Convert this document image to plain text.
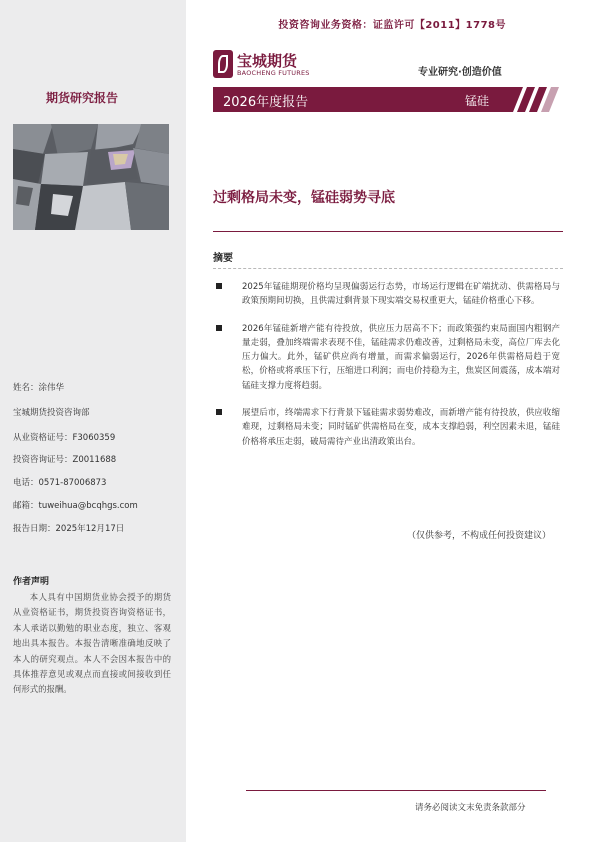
投资咨询业务资格：证监许可【2011】1778号
宝城期货
BAOCHENG FUTURES	专业研究·创造价值
期货研究报告	2026年度报告	锰硅
过剩格局未变，锰硅弱势寻底
摘要
2025年锰硅期现价格均呈现偏弱运行态势，市场运行逻辑在矿端扰动、供需格局与政策预期间切换，且供需过剩背景下现实端交易权重更大，锰硅价格重心下移。
2026年锰硅新增产能有待投放，供应压力居高不下；而政策强约束局面国内粗钢产量走弱，叠加终端需求表现不佳，锰硅需求仍难改善，过剩格局未变，高位厂库去化压力偏大。此外，锰矿供应尚有增量，而需求偏弱运行，2026年供需格局趋于宽松，价格或将承压下行，压缩进口利润；而电价持稳为主，焦炭区间震荡，成本端对锰硅支撑力度将趋弱。
展望后市，终端需求下行背景下锰硅需求弱势难改，而新增产能有待投放，供应收缩难现，过剩格局未变；同时锰矿供需格局在变，成本支撑趋弱，利空因素未退，锰硅价格将承压走弱，破局需待产业出清政策出台。
（仅供参考，不构成任何投资建议）
姓名：涂伟华
宝城期货投资咨询部
从业资格证号：F3060359
投资咨询证号：Z0011688
电话：0571-87006873
邮箱：tuweihua@bcqhgs.com
报告日期：2025年12月17日
作者声明
本人具有中国期货业协会授予的期货从业资格证书，期货投资咨询资格证书，本人承诺以勤勉的职业态度，独立、客观地出具本报告。本报告清晰准确地反映了本人的研究观点。本人不会因本报告中的具体推荐意见或观点而直接或间接收到任何形式的报酬。
请务必阅读文末免责条款部分
